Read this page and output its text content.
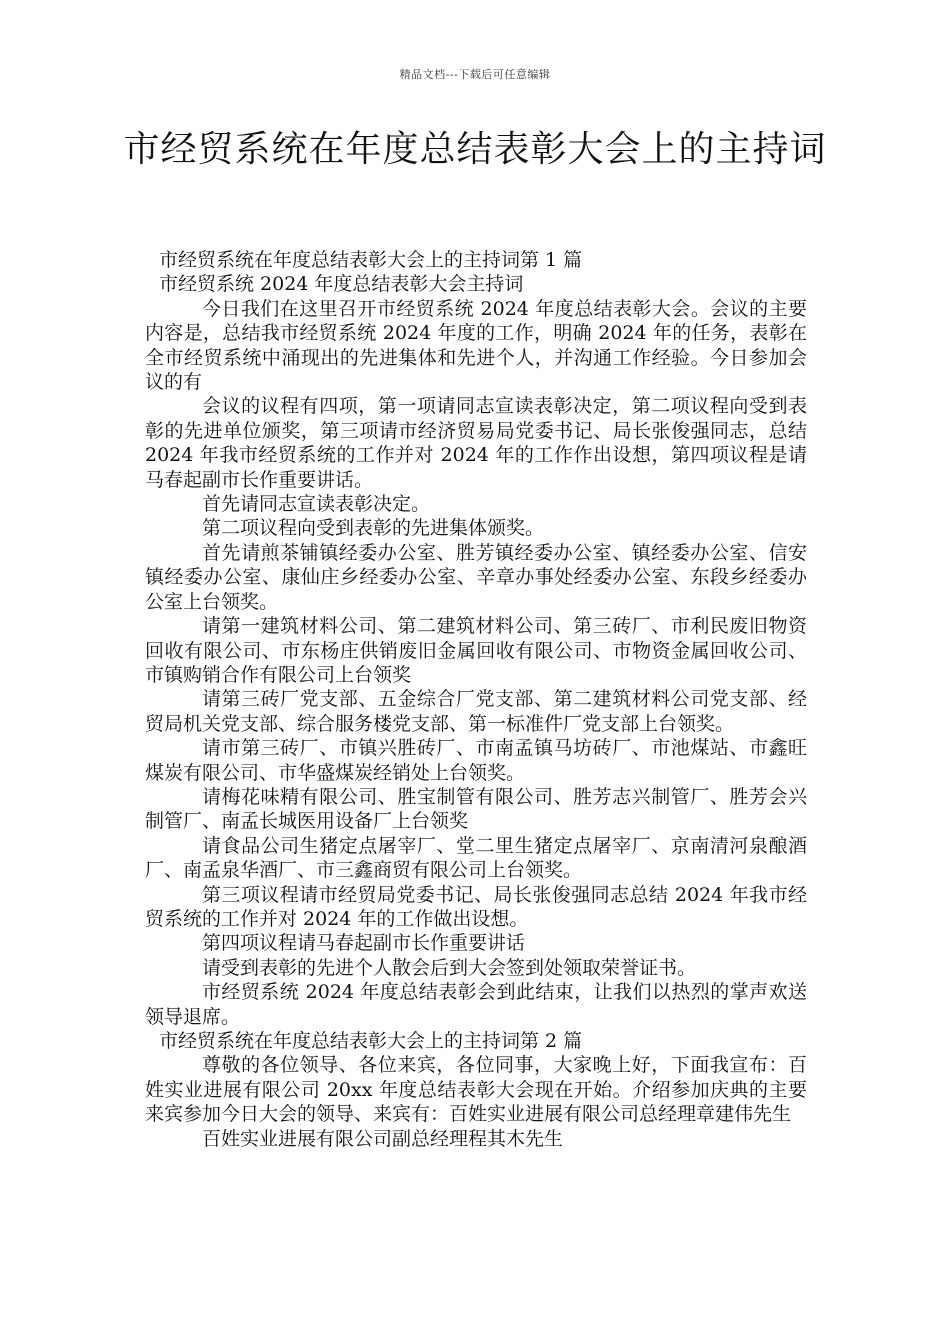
精品文档---下载后可任意编辑
市经贸系统在年度总结表彰大会上的主持词

市经贸系统在年度总结表彰大会上的主持词第 1 篇

市经贸系统 2024 年度总结表彰大会主持词

今日我们在这里召开市经贸系统 2024 年度总结表彰大会。会议的主要内容是，总结我市经贸系统 2024 年度的工作，明确 2024 年的任务，表彰在全市经贸系统中涌现出的先进集体和先进个人，并沟通工作经验。今日参加会议的有

会议的议程有四项，第一项请同志宣读表彰决定，第二项议程向受到表彰的先进单位颁奖，第三项请市经济贸易局党委书记、局长张俊强同志，总结 2024 年我市经贸系统的工作并对 2024 年的工作作出设想，第四项议程是请马春起副市长作重要讲话。

首先请同志宣读表彰决定。

第二项议程向受到表彰的先进集体颁奖。

首先请煎茶铺镇经委办公室、胜芳镇经委办公室、镇经委办公室、信安镇经委办公室、康仙庄乡经委办公室、辛章办事处经委办公室、东段乡经委办公室上台领奖。

请第一建筑材料公司、第二建筑材料公司、第三砖厂、市利民废旧物资回收有限公司、市东杨庄供销废旧金属回收有限公司、市物资金属回收公司、市镇购销合作有限公司上台领奖

请第三砖厂党支部、五金综合厂党支部、第二建筑材料公司党支部、经贸局机关党支部、综合服务楼党支部、第一标准件厂党支部上台领奖。

请市第三砖厂、市镇兴胜砖厂、市南孟镇马坊砖厂、市池煤站、市鑫旺煤炭有限公司、市华盛煤炭经销处上台领奖。

请梅花味精有限公司、胜宝制管有限公司、胜芳志兴制管厂、胜芳会兴制管厂、南孟长城医用设备厂上台领奖

请食品公司生猪定点屠宰厂、堂二里生猪定点屠宰厂、京南清河泉酿酒厂、南孟泉华酒厂、市三鑫商贸有限公司上台领奖。

第三项议程请市经贸局党委书记、局长张俊强同志总结 2024 年我市经贸系统的工作并对 2024 年的工作做出设想。

第四项议程请马春起副市长作重要讲话

请受到表彰的先进个人散会后到大会签到处领取荣誉证书。

市经贸系统 2024 年度总结表彰会到此结束，让我们以热烈的掌声欢送领导退席。

市经贸系统在年度总结表彰大会上的主持词第 2 篇

尊敬的各位领导、各位来宾，各位同事，大家晚上好，下面我宣布：百姓实业进展有限公司 20xx 年度总结表彰大会现在开始。介绍参加庆典的主要来宾参加今日大会的领导、来宾有：百姓实业进展有限公司总经理章建伟先生

百姓实业进展有限公司副总经理程其木先生
